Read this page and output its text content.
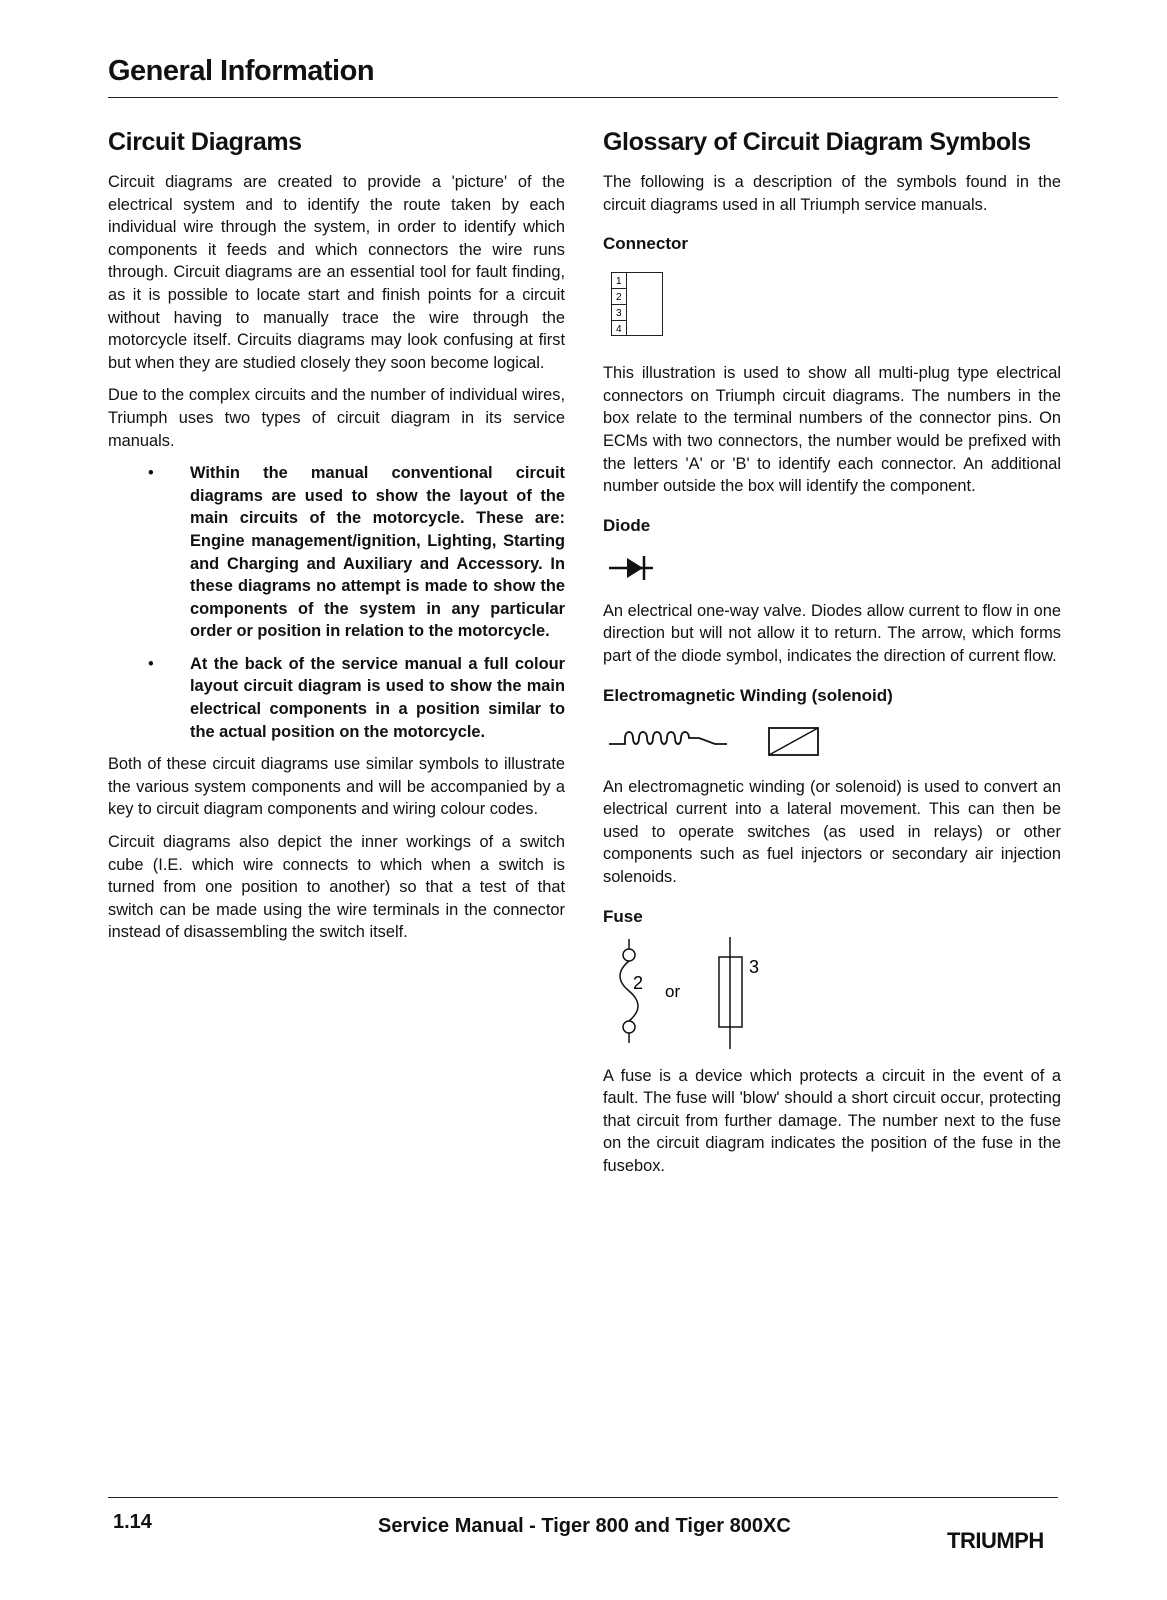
General Information
Circuit Diagrams

Circuit diagrams are created to provide a 'picture' of the electrical system and to identify the route taken by each individual wire through the system, in order to identify which components it feeds and which connectors the wire runs through. Circuit diagrams are an essential tool for fault finding, as it is possible to locate start and finish points for a circuit without having to manually trace the wire through the motorcycle itself. Circuits diagrams may look confusing at first but when they are studied closely they soon become logical.

Due to the complex circuits and the number of individual wires, Triumph uses two types of circuit diagram in its service manuals.

• Within the manual conventional circuit diagrams are used to show the layout of the main circuits of the motorcycle. These are: Engine management/ignition, Lighting, Starting and Charging and Auxiliary and Accessory. In these diagrams no attempt is made to show the components of the system in any particular order or position in relation to the motorcycle.
• At the back of the service manual a full colour layout circuit diagram is used to show the main electrical components in a position similar to the actual position on the motorcycle.

Both of these circuit diagrams use similar symbols to illustrate the various system components and will be accompanied by a key to circuit diagram components and wiring colour codes.

Circuit diagrams also depict the inner workings of a switch cube (I.E. which wire connects to which when a switch is turned from one position to another) so that a test of that switch can be made using the wire terminals in the connector instead of disassembling the switch itself.

Glossary of Circuit Diagram Symbols

The following is a description of the symbols found in the circuit diagrams used in all Triumph service manuals.

Connector
1
2
3
4

This illustration is used to show all multi-plug type electrical connectors on Triumph circuit diagrams. The numbers in the box relate to the terminal numbers of the connector pins. On ECMs with two connectors, the number would be prefixed with the letters 'A' or 'B' to identify each connector. An additional number outside the box will identify the component.

Diode

An electrical one-way valve. Diodes allow current to flow in one direction but will not allow it to return. The arrow, which forms part of the diode symbol, indicates the direction of current flow.

Electromagnetic Winding (solenoid)

An electromagnetic winding (or solenoid) is used to convert an electrical current into a lateral movement. This can then be used to operate switches (as used in relays) or other components such as fuel injectors or secondary air injection solenoids.

Fuse
2 or
3

A fuse is a device which protects a circuit in the event of a fault. The fuse will 'blow' should a short circuit occur, protecting that circuit from further damage. The number next to the fuse on the circuit diagram indicates the position of the fuse in the fusebox.

1.14	Service Manual - Tiger 800 and Tiger 800XC
TRIUMPH
